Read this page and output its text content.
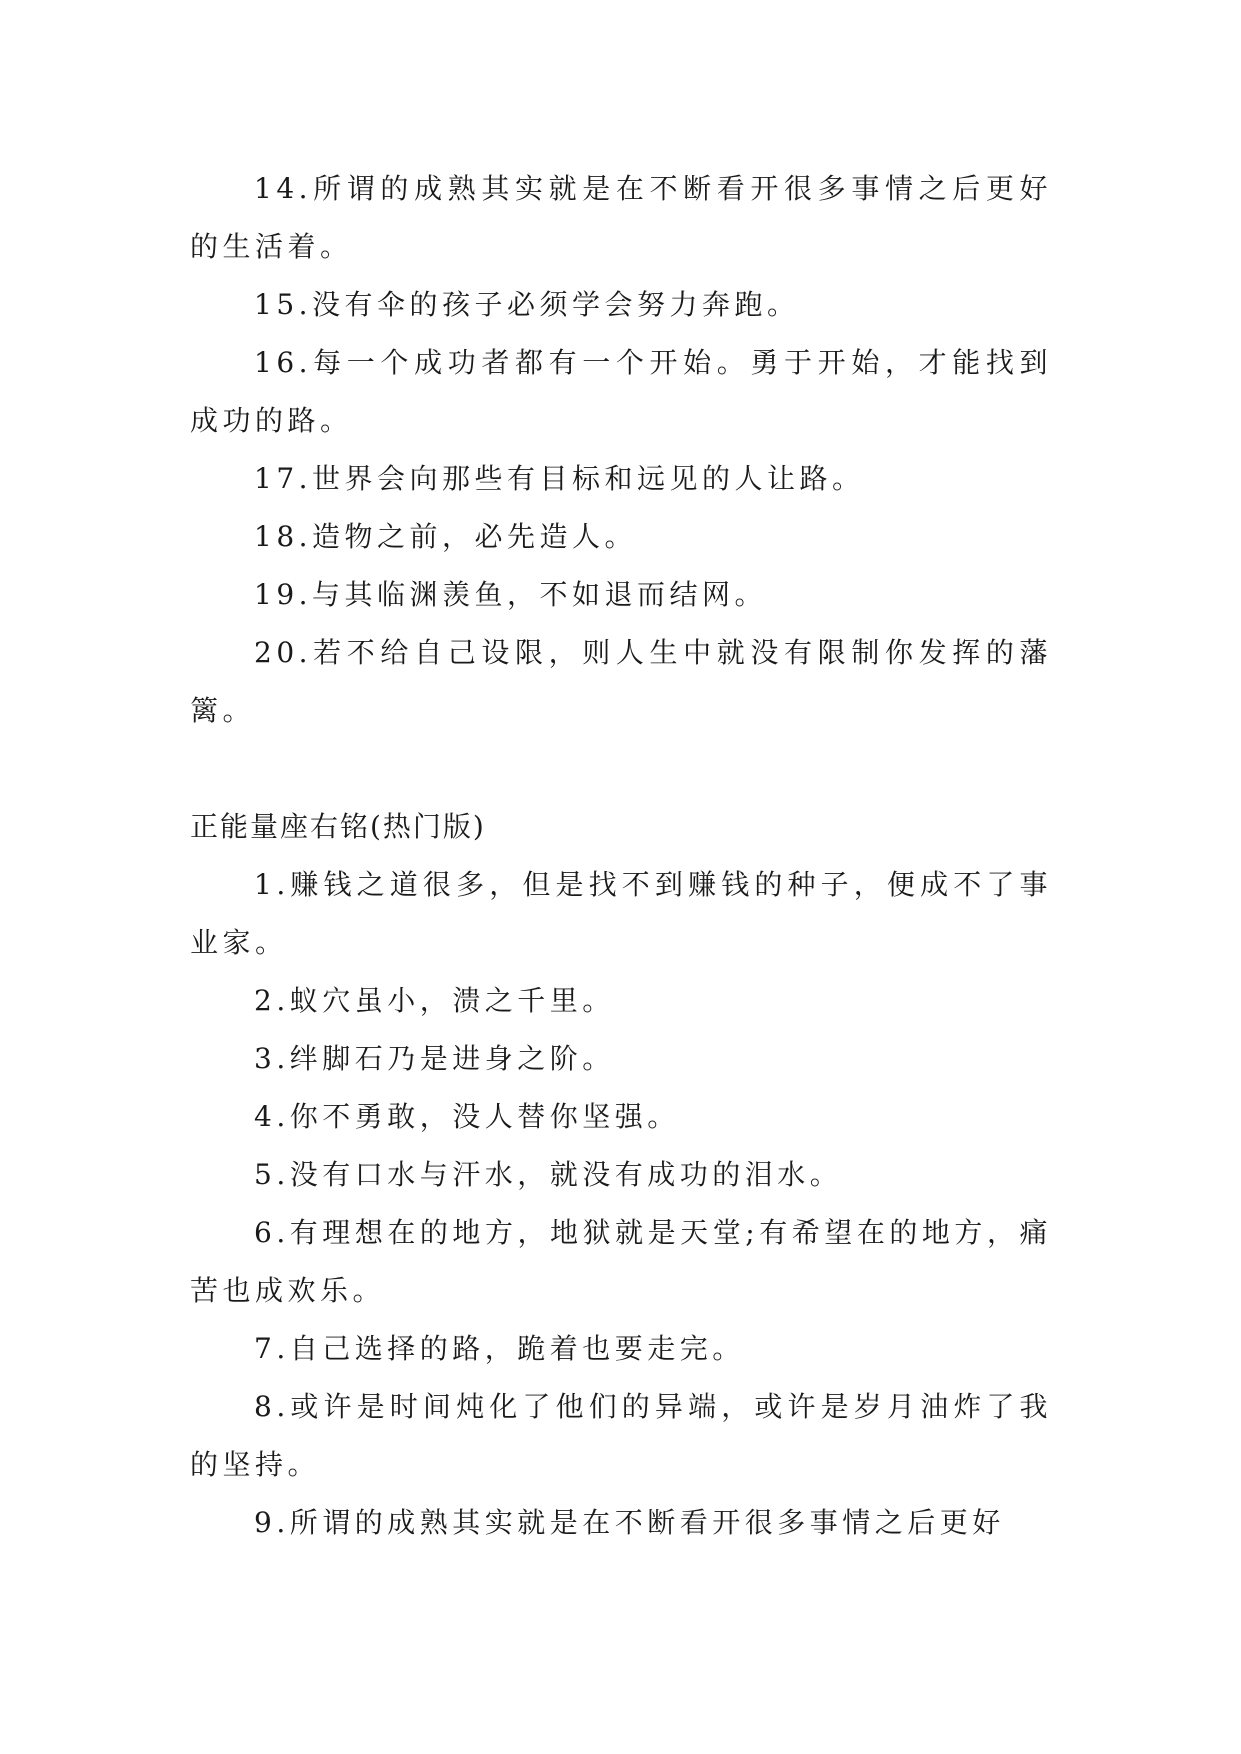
14.所谓的成熟其实就是在不断看开很多事情之后更好的生活着。

15.没有伞的孩子必须学会努力奔跑。

16.每一个成功者都有一个开始。勇于开始，才能找到成功的路。

17.世界会向那些有目标和远见的人让路。

18.造物之前，必先造人。

19.与其临渊羡鱼，不如退而结网。

20.若不给自己设限，则人生中就没有限制你发挥的藩篱。

正能量座右铭(热门版)

1.赚钱之道很多，但是找不到赚钱的种子，便成不了事业家。

2.蚁穴虽小，溃之千里。

3.绊脚石乃是进身之阶。

4.你不勇敢，没人替你坚强。

5.没有口水与汗水，就没有成功的泪水。

6.有理想在的地方，地狱就是天堂;有希望在的地方，痛苦也成欢乐。

7.自己选择的路，跪着也要走完。

8.或许是时间炖化了他们的异端，或许是岁月油炸了我的坚持。

9.所谓的成熟其实就是在不断看开很多事情之后更好
